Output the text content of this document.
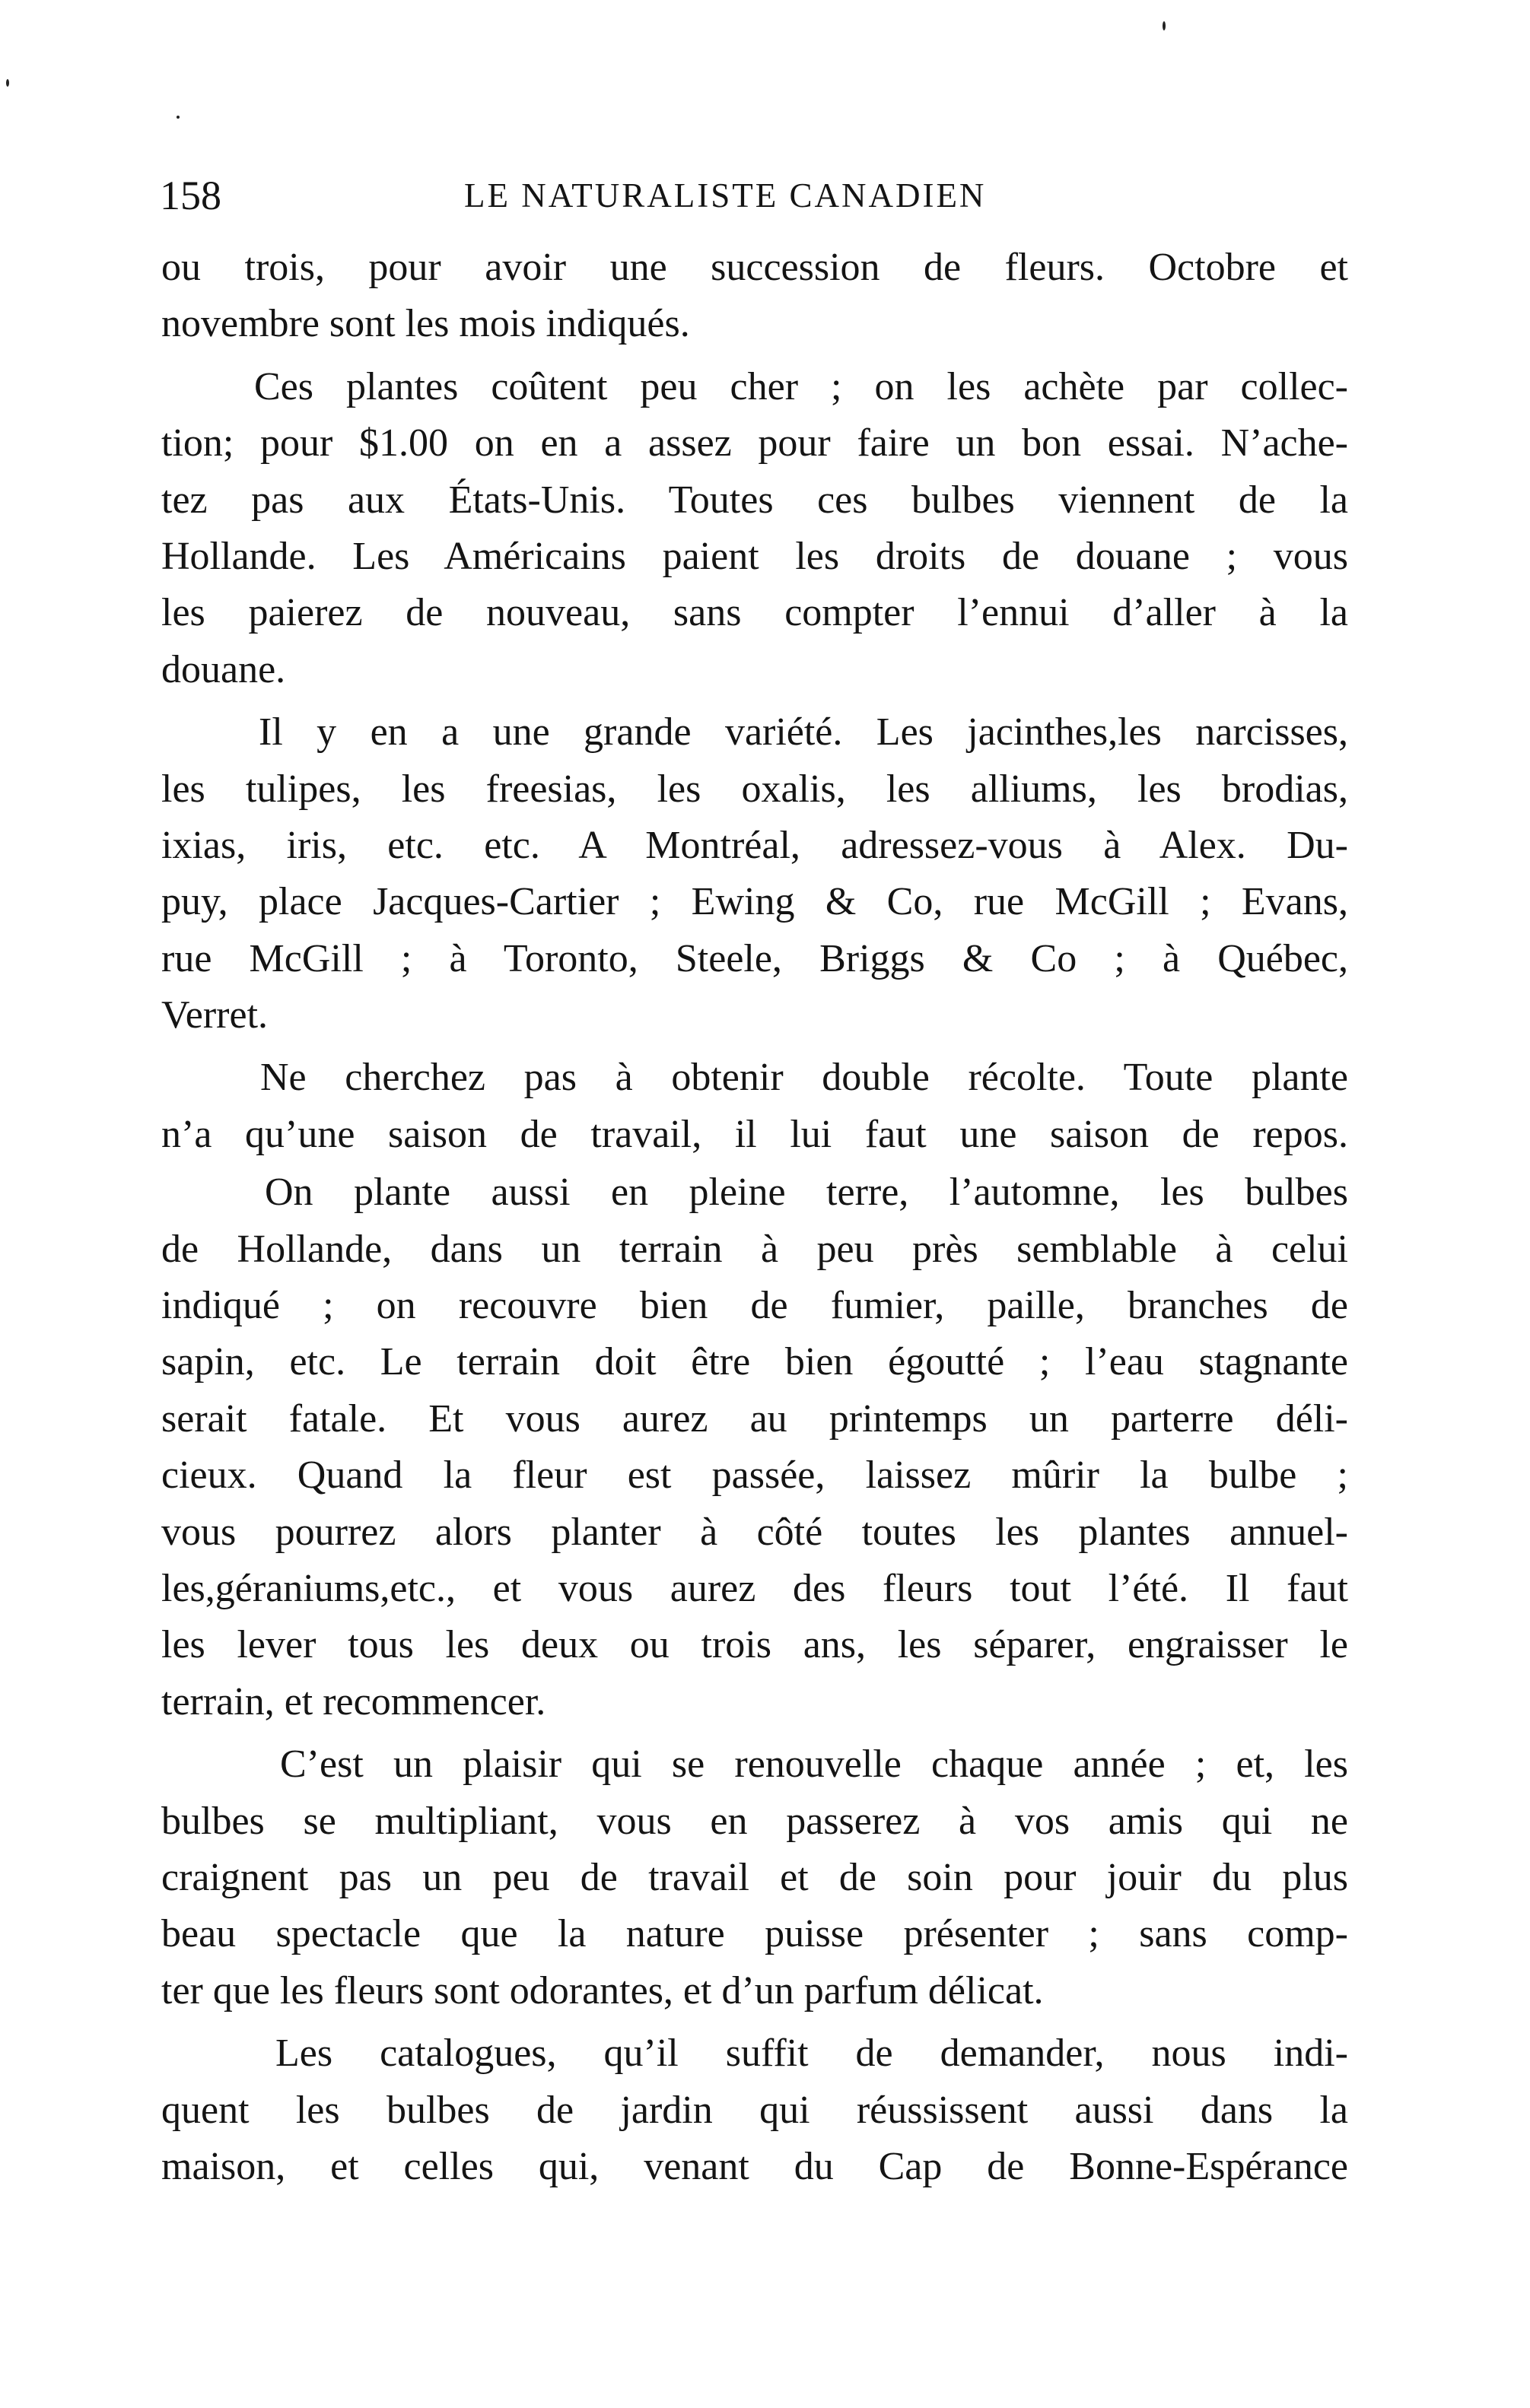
158	LE NATURALISTE CANADIEN
ou trois, pour avoir une succession de fleurs. Octobre et
novembre sont les mois indiqués.
Ces plantes coûtent peu cher ; on les achète par collec-
tion; pour $1.00 on en a assez pour faire un bon essai. N’ache-
tez pas aux États-Unis. Toutes ces bulbes viennent de la
Hollande. Les Américains paient les droits de douane ; vous
les paierez de nouveau, sans compter l’ennui d’aller à la
douane.
Il y en a une grande variété. Les jacinthes,les narcisses,
les tulipes, les freesias, les oxalis, les alliums, les brodias,
ixias, iris, etc. etc. A Montréal, adressez-vous à Alex. Du-
puy, place Jacques-Cartier ; Ewing & Co, rue McGill ; Evans,
rue McGill ; à Toronto, Steele, Briggs & Co ; à Québec,
Verret.
Ne cherchez pas à obtenir double récolte. Toute plante
n’a qu’une saison de travail, il lui faut une saison de repos.
On plante aussi en pleine terre, l’automne, les bulbes
de Hollande, dans un terrain à peu près semblable à celui
indiqué ; on recouvre bien de fumier, paille, branches de
sapin, etc. Le terrain doit être bien égoutté ; l’eau stagnante
serait fatale. Et vous aurez au printemps un parterre déli-
cieux. Quand la fleur est passée, laissez mûrir la bulbe ;
vous pourrez alors planter à côté toutes les plantes annuel-
les,géraniums,etc., et vous aurez des fleurs tout l’été. Il faut
les lever tous les deux ou trois ans, les séparer, engraisser le
terrain, et recommencer.
C’est un plaisir qui se renouvelle chaque année ; et, les
bulbes se multipliant, vous en passerez à vos amis qui ne
craignent pas un peu de travail et de soin pour jouir du plus
beau spectacle que la nature puisse présenter ; sans comp-
ter que les fleurs sont odorantes, et d’un parfum délicat.
Les catalogues, qu’il suffit de demander, nous indi-
quent les bulbes de jardin qui réussissent aussi dans la
maison, et celles qui, venant du Cap de Bonne-Espérance
